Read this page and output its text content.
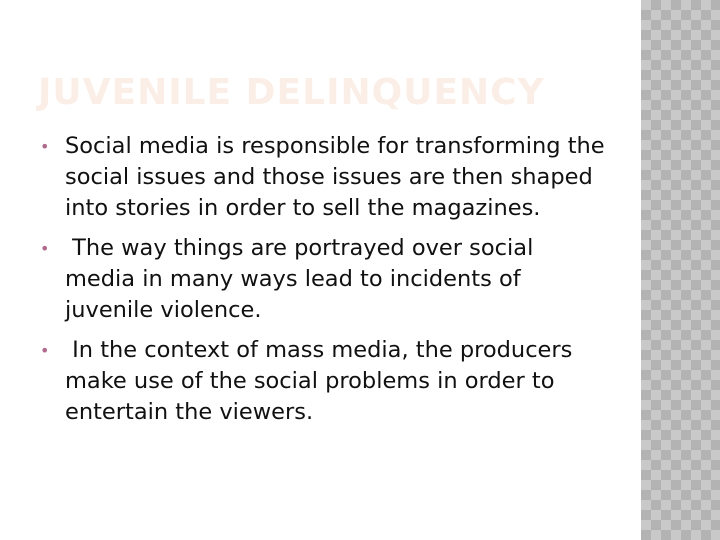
JUVENILE DELINQUENCY
• Social media is responsible for transforming the social issues and those issues are then shaped into stories in order to sell the magazines.
• The way things are portrayed over social media in many ways lead to incidents of juvenile violence.
• In the context of mass media, the producers make use of the social problems in order to entertain the viewers.
